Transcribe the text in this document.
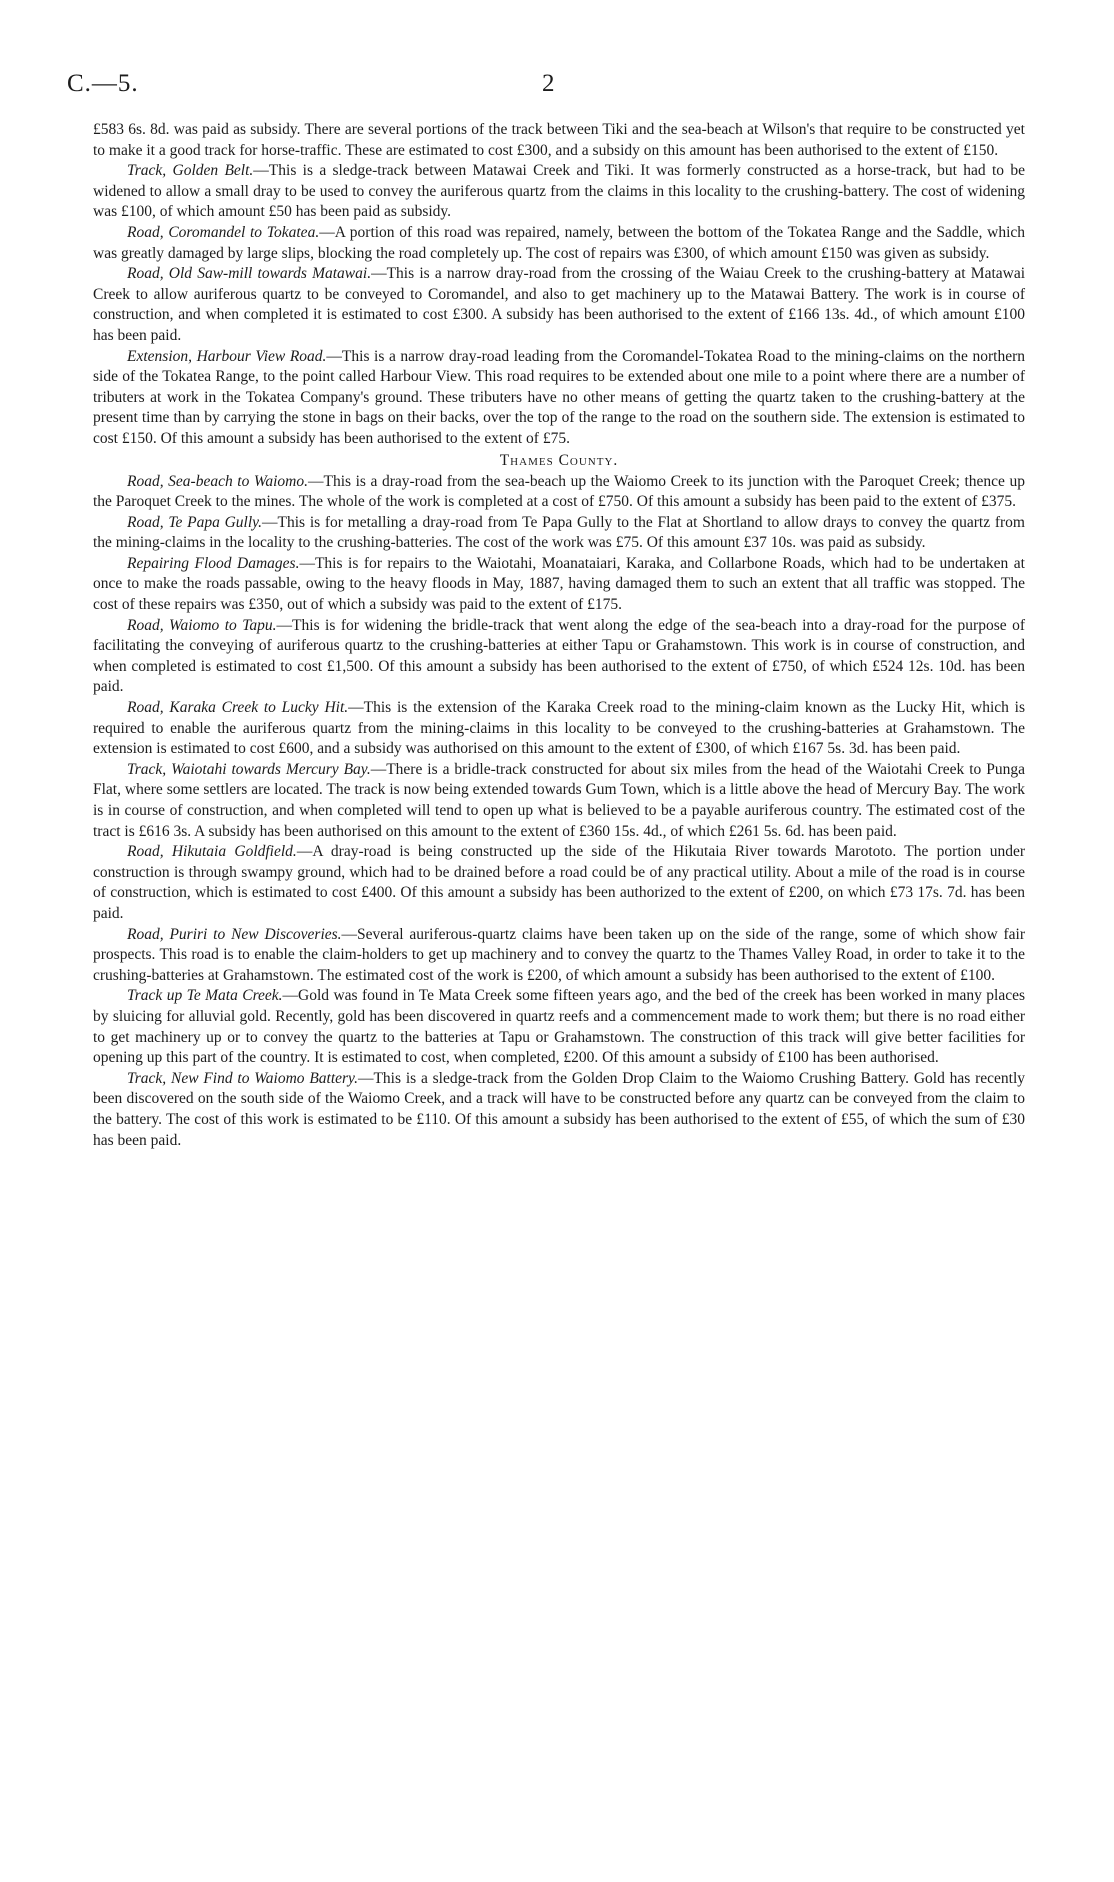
C.—5.	2

£583 6s. 8d. was paid as subsidy. There are several portions of the track between Tiki and the sea-beach at Wilson's that require to be constructed yet to make it a good track for horse-traffic. These are estimated to cost £300, and a subsidy on this amount has been authorised to the extent of £150.

Track, Golden Belt.—This is a sledge-track between Matawai Creek and Tiki. It was formerly constructed as a horse-track, but had to be widened to allow a small dray to be used to convey the auriferous quartz from the claims in this locality to the crushing-battery. The cost of widening was £100, of which amount £50 has been paid as subsidy.

Road, Coromandel to Tokatea.—A portion of this road was repaired, namely, between the bottom of the Tokatea Range and the Saddle, which was greatly damaged by large slips, blocking the road completely up. The cost of repairs was £300, of which amount £150 was given as subsidy.

Road, Old Saw-mill towards Matawai.—This is a narrow dray-road from the crossing of the Waiau Creek to the crushing-battery at Matawai Creek to allow auriferous quartz to be conveyed to Coromandel, and also to get machinery up to the Matawai Battery. The work is in course of construction, and when completed it is estimated to cost £300. A subsidy has been authorised to the extent of £166 13s. 4d., of which amount £100 has been paid.

Extension, Harbour View Road.—This is a narrow dray-road leading from the Coromandel-Tokatea Road to the mining-claims on the northern side of the Tokatea Range, to the point called Harbour View. This road requires to be extended about one mile to a point where there are a number of tributers at work in the Tokatea Company's ground. These tributers have no other means of getting the quartz taken to the crushing-battery at the present time than by carrying the stone in bags on their backs, over the top of the range to the road on the southern side. The extension is estimated to cost £150. Of this amount a subsidy has been authorised to the extent of £75.

Thames County.

Road, Sea-beach to Waiomo.—This is a dray-road from the sea-beach up the Waiomo Creek to its junction with the Paroquet Creek; thence up the Paroquet Creek to the mines. The whole of the work is completed at a cost of £750. Of this amount a subsidy has been paid to the extent of £375.

Road, Te Papa Gully.—This is for metalling a dray-road from Te Papa Gully to the Flat at Shortland to allow drays to convey the quartz from the mining-claims in the locality to the crushing-batteries. The cost of the work was £75. Of this amount £37 10s. was paid as subsidy.

Repairing Flood Damages.—This is for repairs to the Waiotahi, Moanataiari, Karaka, and Collarbone Roads, which had to be undertaken at once to make the roads passable, owing to the heavy floods in May, 1887, having damaged them to such an extent that all traffic was stopped. The cost of these repairs was £350, out of which a subsidy was paid to the extent of £175.

Road, Waiomo to Tapu.—This is for widening the bridle-track that went along the edge of the sea-beach into a dray-road for the purpose of facilitating the conveying of auriferous quartz to the crushing-batteries at either Tapu or Grahamstown. This work is in course of construction, and when completed is estimated to cost £1,500. Of this amount a subsidy has been authorised to the extent of £750, of which £524 12s. 10d. has been paid.

Road, Karaka Creek to Lucky Hit.—This is the extension of the Karaka Creek road to the mining-claim known as the Lucky Hit, which is required to enable the auriferous quartz from the mining-claims in this locality to be conveyed to the crushing-batteries at Grahamstown. The extension is estimated to cost £600, and a subsidy was authorised on this amount to the extent of £300, of which £167 5s. 3d. has been paid.

Track, Waiotahi towards Mercury Bay.—There is a bridle-track constructed for about six miles from the head of the Waiotahi Creek to Punga Flat, where some settlers are located. The track is now being extended towards Gum Town, which is a little above the head of Mercury Bay. The work is in course of construction, and when completed will tend to open up what is believed to be a payable auriferous country. The estimated cost of the tract is £616 3s. A subsidy has been authorised on this amount to the extent of £360 15s. 4d., of which £261 5s. 6d. has been paid.

Road, Hikutaia Goldfield.—A dray-road is being constructed up the side of the Hikutaia River towards Marototo. The portion under construction is through swampy ground, which had to be drained before a road could be of any practical utility. About a mile of the road is in course of construction, which is estimated to cost £400. Of this amount a subsidy has been authorized to the extent of £200, on which £73 17s. 7d. has been paid.

Road, Puriri to New Discoveries.—Several auriferous-quartz claims have been taken up on the side of the range, some of which show fair prospects. This road is to enable the claim-holders to get up machinery and to convey the quartz to the Thames Valley Road, in order to take it to the crushing-batteries at Grahamstown. The estimated cost of the work is £200, of which amount a subsidy has been authorised to the extent of £100.

Track up Te Mata Creek.—Gold was found in Te Mata Creek some fifteen years ago, and the bed of the creek has been worked in many places by sluicing for alluvial gold. Recently, gold has been discovered in quartz reefs and a commencement made to work them; but there is no road either to get machinery up or to convey the quartz to the batteries at Tapu or Grahamstown. The construction of this track will give better facilities for opening up this part of the country. It is estimated to cost, when completed, £200. Of this amount a subsidy of £100 has been authorised.

Track, New Find to Waiomo Battery.—This is a sledge-track from the Golden Drop Claim to the Waiomo Crushing Battery. Gold has recently been discovered on the south side of the Waiomo Creek, and a track will have to be constructed before any quartz can be conveyed from the claim to the battery. The cost of this work is estimated to be £110. Of this amount a subsidy has been authorised to the extent of £55, of which the sum of £30 has been paid.
